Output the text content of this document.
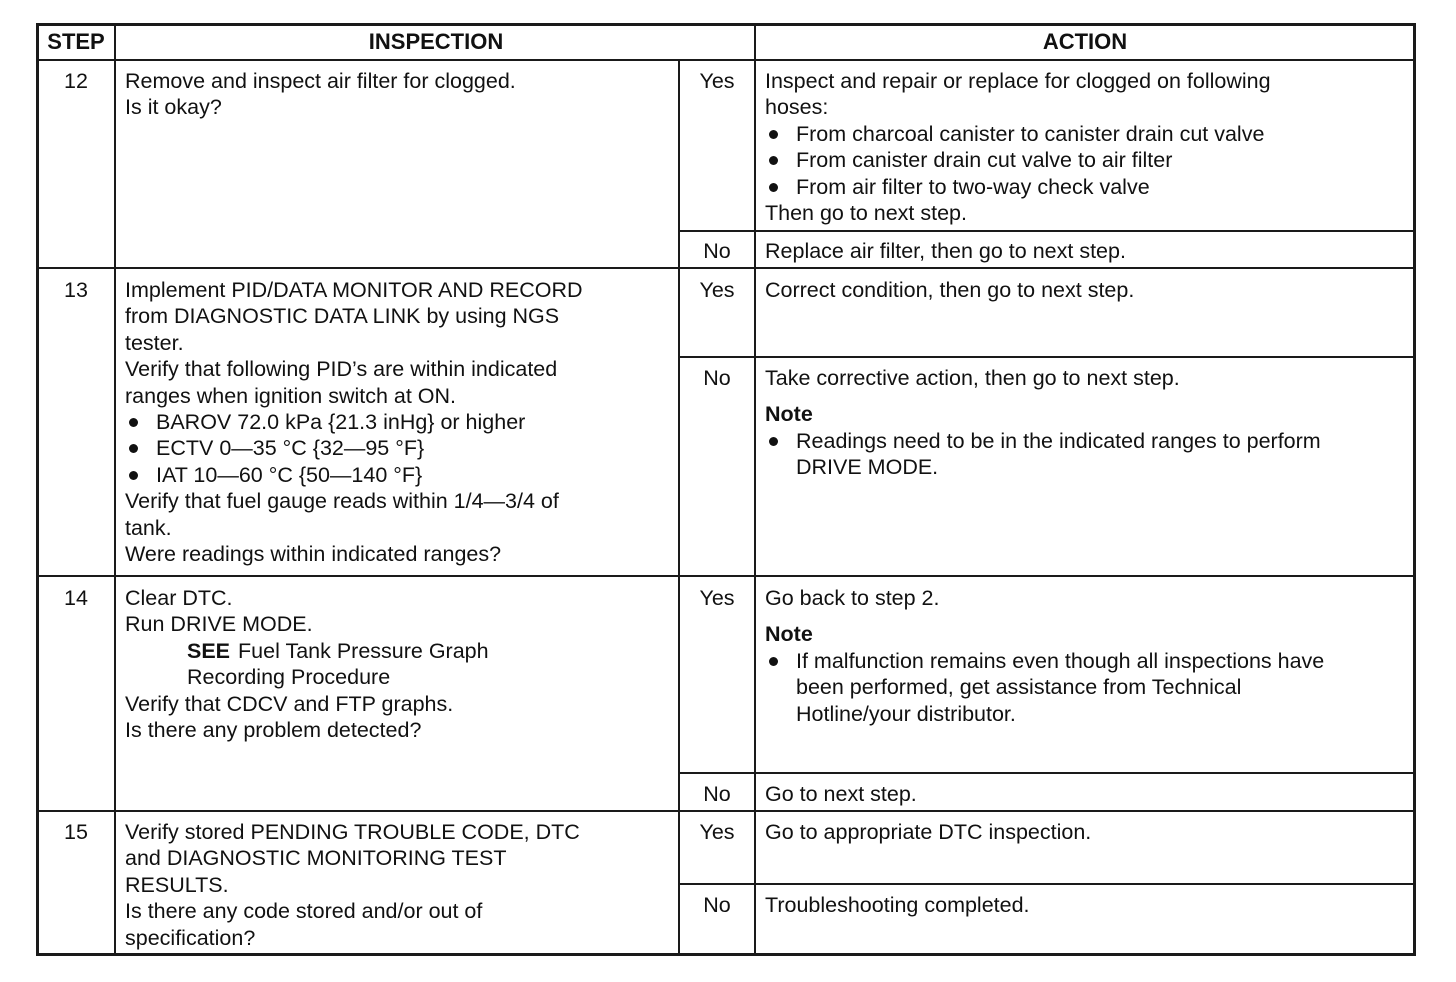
STEP	INSPECTION	ACTION
12	Remove and inspect air filter for clogged.
Is it okay?
Yes	Inspect and repair or replace for clogged on following
hoses:
From charcoal canister to canister drain cut valve
From canister drain cut valve to air filter
From air filter to two-way check valve
Then go to next step.
No	Replace air filter, then go to next step.
13	Implement PID/DATA MONITOR AND RECORD
from DIAGNOSTIC DATA LINK by using NGS
tester.
Verify that following PID’s are within indicated
ranges when ignition switch at ON.
BAROV 72.0 kPa {21.3 inHg} or higher
ECTV 0—35 °C {32—95 °F}
IAT 10—60 °C {50—140 °F}
Verify that fuel gauge reads within 1/4—3/4 of
tank.
Were readings within indicated ranges?
Yes	Correct condition, then go to next step.
No	Take corrective action, then go to next step.
Note
Readings need to be in the indicated ranges to perform
DRIVE MODE.
14	Clear DTC.
Run DRIVE MODE.
SEE Fuel Tank Pressure Graph
Recording Procedure
Verify that CDCV and FTP graphs.
Is there any problem detected?
Yes	Go back to step 2.
Note
If malfunction remains even though all inspections have
been performed, get assistance from Technical
Hotline/your distributor.
No	Go to next step.
15	Verify stored PENDING TROUBLE CODE, DTC
and DIAGNOSTIC MONITORING TEST
RESULTS.
Is there any code stored and/or out of
specification?
Yes	Go to appropriate DTC inspection.
No	Troubleshooting completed.
